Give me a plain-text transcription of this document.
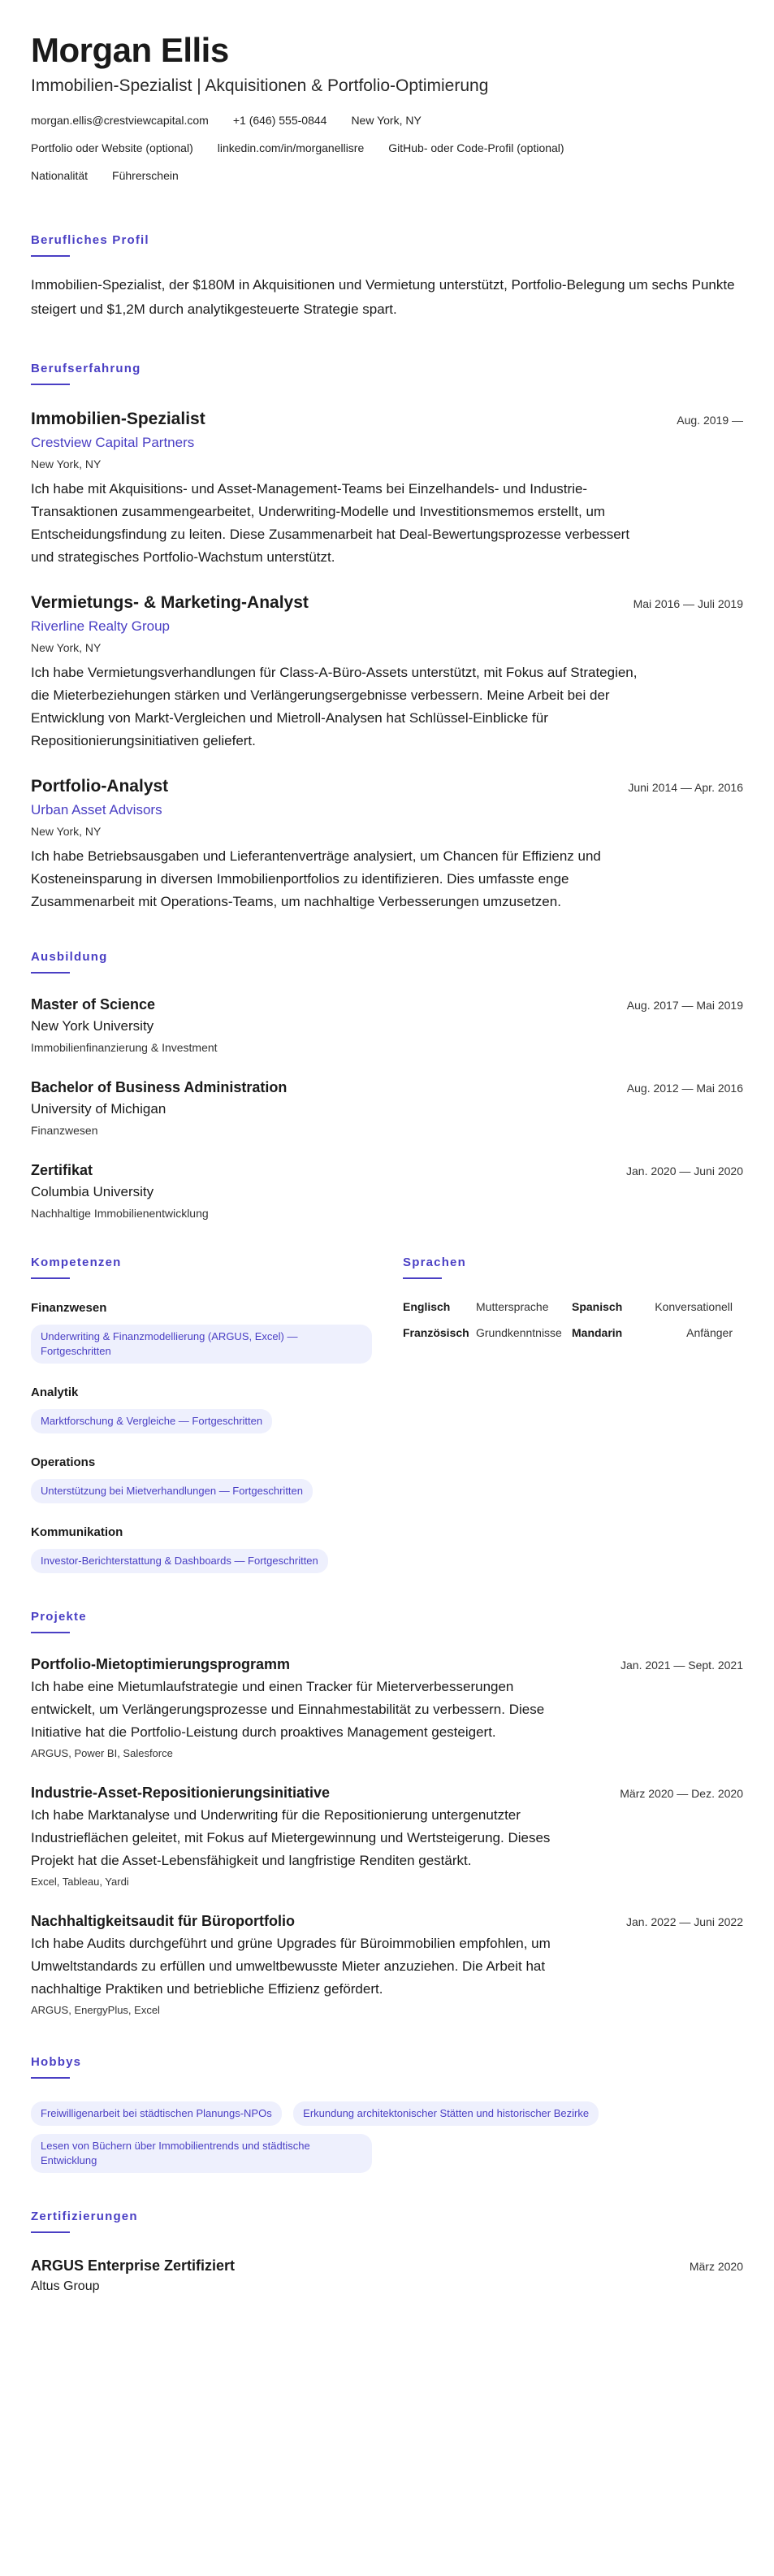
Morgan Ellis
Immobilien-Spezialist | Akquisitionen & Portfolio-Optimierung
morgan.ellis@crestviewcapital.com +1 (646) 555-0844 New York, NY
Portfolio oder Website (optional) linkedin.com/in/morganellisre GitHub- oder Code-Profil (optional)
Nationalität Führerschein
Berufliches Profil
Immobilien-Spezialist, der $180M in Akquisitionen und Vermietung unterstützt, Portfolio-Belegung um sechs Punkte steigert und $1,2M durch analytikgesteuerte Strategie spart.
Berufserfahrung
Immobilien-Spezialist	Aug. 2019 —
Crestview Capital Partners
New York, NY
Ich habe mit Akquisitions- und Asset-Management-Teams bei Einzelhandels- und Industrie-Transaktionen zusammengearbeitet, Underwriting-Modelle und Investitionsmemos erstellt, um Entscheidungsfindung zu leiten. Diese Zusammenarbeit hat Deal-Bewertungsprozesse verbessert und strategisches Portfolio-Wachstum unterstützt.
Vermietungs- & Marketing-Analyst	Mai 2016 — Juli 2019
Riverline Realty Group
New York, NY
Ich habe Vermietungsverhandlungen für Class-A-Büro-Assets unterstützt, mit Fokus auf Strategien, die Mieterbeziehungen stärken und Verlängerungsergebnisse verbessern. Meine Arbeit bei der Entwicklung von Markt-Vergleichen und Mietroll-Analysen hat Schlüssel-Einblicke für Repositionierungsinitiativen geliefert.
Portfolio-Analyst	Juni 2014 — Apr. 2016
Urban Asset Advisors
New York, NY
Ich habe Betriebsausgaben und Lieferantenverträge analysiert, um Chancen für Effizienz und Kosteneinsparung in diversen Immobilienportfolios zu identifizieren. Dies umfasste enge Zusammenarbeit mit Operations-Teams, um nachhaltige Verbesserungen umzusetzen.
Ausbildung
Master of Science	Aug. 2017 — Mai 2019
New York University
Immobilienfinanzierung & Investment
Bachelor of Business Administration	Aug. 2012 — Mai 2016
University of Michigan
Finanzwesen
Zertifikat	Jan. 2020 — Juni 2020
Columbia University
Nachhaltige Immobilienentwicklung
Kompetenzen
Finanzwesen
Underwriting & Finanzmodellierung (ARGUS, Excel) — Fortgeschritten
Analytik
Marktforschung & Vergleiche — Fortgeschritten
Operations
Unterstützung bei Mietverhandlungen — Fortgeschritten
Kommunikation
Investor-Berichterstattung & Dashboards — Fortgeschritten
Sprachen
Englisch	Muttersprache	Spanisch	Konversationell
Französisch Grundkenntnisse Mandarin	Anfänger
Projekte
Portfolio-Mietoptimierungsprogramm	Jan. 2021 — Sept. 2021
Ich habe eine Mietumlaufstrategie und einen Tracker für Mieterverbesserungen entwickelt, um Verlängerungsprozesse und Einnahmestabilität zu verbessern. Diese Initiative hat die Portfolio-Leistung durch proaktives Management gesteigert.
ARGUS, Power BI, Salesforce
Industrie-Asset-Repositionierungsinitiative	März 2020 — Dez. 2020
Ich habe Marktanalyse und Underwriting für die Repositionierung untergenutzter Industrieflächen geleitet, mit Fokus auf Mietergewinnung und Wertsteigerung. Dieses Projekt hat die Asset-Lebensfähigkeit und langfristige Renditen gestärkt.
Excel, Tableau, Yardi
Nachhaltigkeitsaudit für Büroportfolio	Jan. 2022 — Juni 2022
Ich habe Audits durchgeführt und grüne Upgrades für Büroimmobilien empfohlen, um Umweltstandards zu erfüllen und umweltbewusste Mieter anzuziehen. Die Arbeit hat nachhaltige Praktiken und betriebliche Effizienz gefördert.
ARGUS, EnergyPlus, Excel
Hobbys
Freiwilligenarbeit bei städtischen Planungs-NPOs	Erkundung architektonischer Stätten und historischer Bezirke Lesen von Büchern über Immobilientrends und städtische Entwicklung
Zertifizierungen
ARGUS Enterprise Zertifiziert	März 2020
Altus Group
